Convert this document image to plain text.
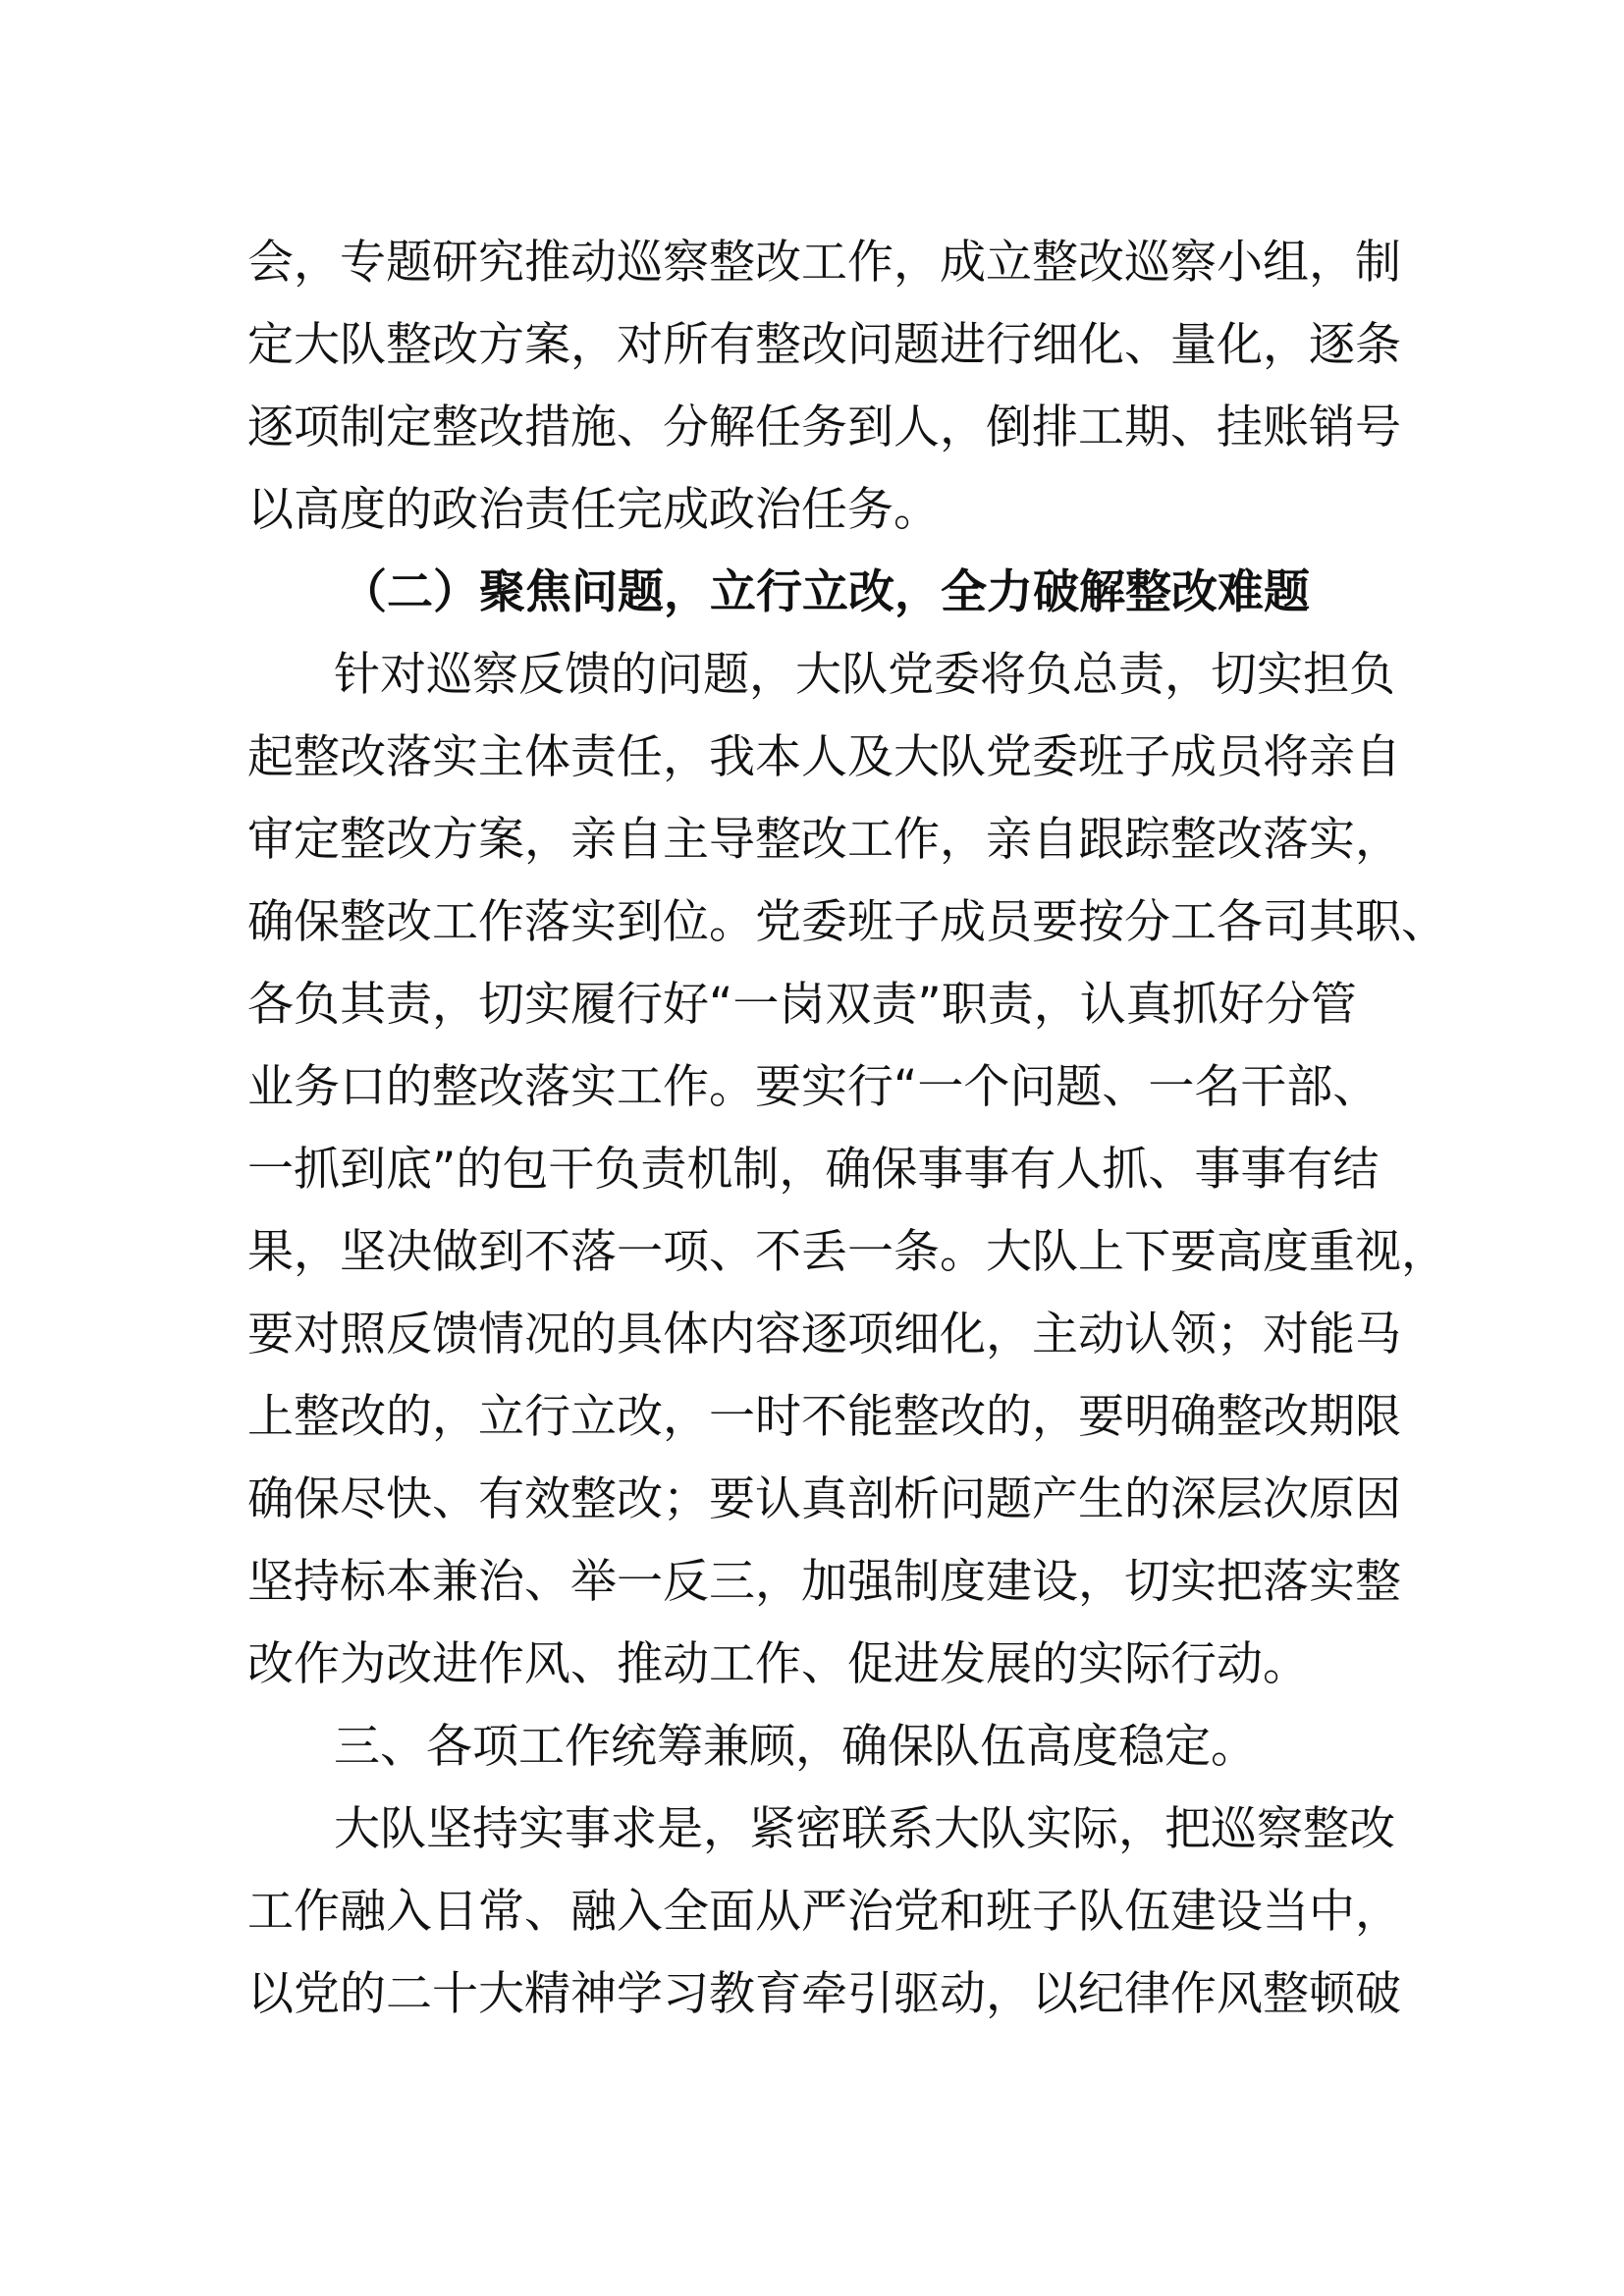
会，专题研究推动巡察整改工作，成立整改巡察小组，制
定大队整改方案，对所有整改问题进行细化、量化，逐条
逐项制定整改措施、分解任务到人，倒排工期、挂账销号
以高度的政治责任完成政治任务。
（二）聚焦问题，立行立改，全力破解整改难题
针对巡察反馈的问题，大队党委将负总责，切实担负
起整改落实主体责任，我本人及大队党委班子成员将亲自
审定整改方案，亲自主导整改工作，亲自跟踪整改落实，
确保整改工作落实到位。党委班子成员要按分工各司其职、
各负其责，切实履行好“一岗双责”职责，认真抓好分管
业务口的整改落实工作。要实行“一个问题、一名干部、
一抓到底”的包干负责机制，确保事事有人抓、事事有结
果，坚决做到不落一项、不丢一条。大队上下要高度重视，
要对照反馈情况的具体内容逐项细化，主动认领；对能马
上整改的，立行立改，一时不能整改的，要明确整改期限
确保尽快、有效整改；要认真剖析问题产生的深层次原因
坚持标本兼治、举一反三，加强制度建设，切实把落实整
改作为改进作风、推动工作、促进发展的实际行动。
三、各项工作统筹兼顾，确保队伍高度稳定。
大队坚持实事求是，紧密联系大队实际，把巡察整改
工作融入日常、融入全面从严治党和班子队伍建设当中，
以党的二十大精神学习教育牵引驱动，以纪律作风整顿破
